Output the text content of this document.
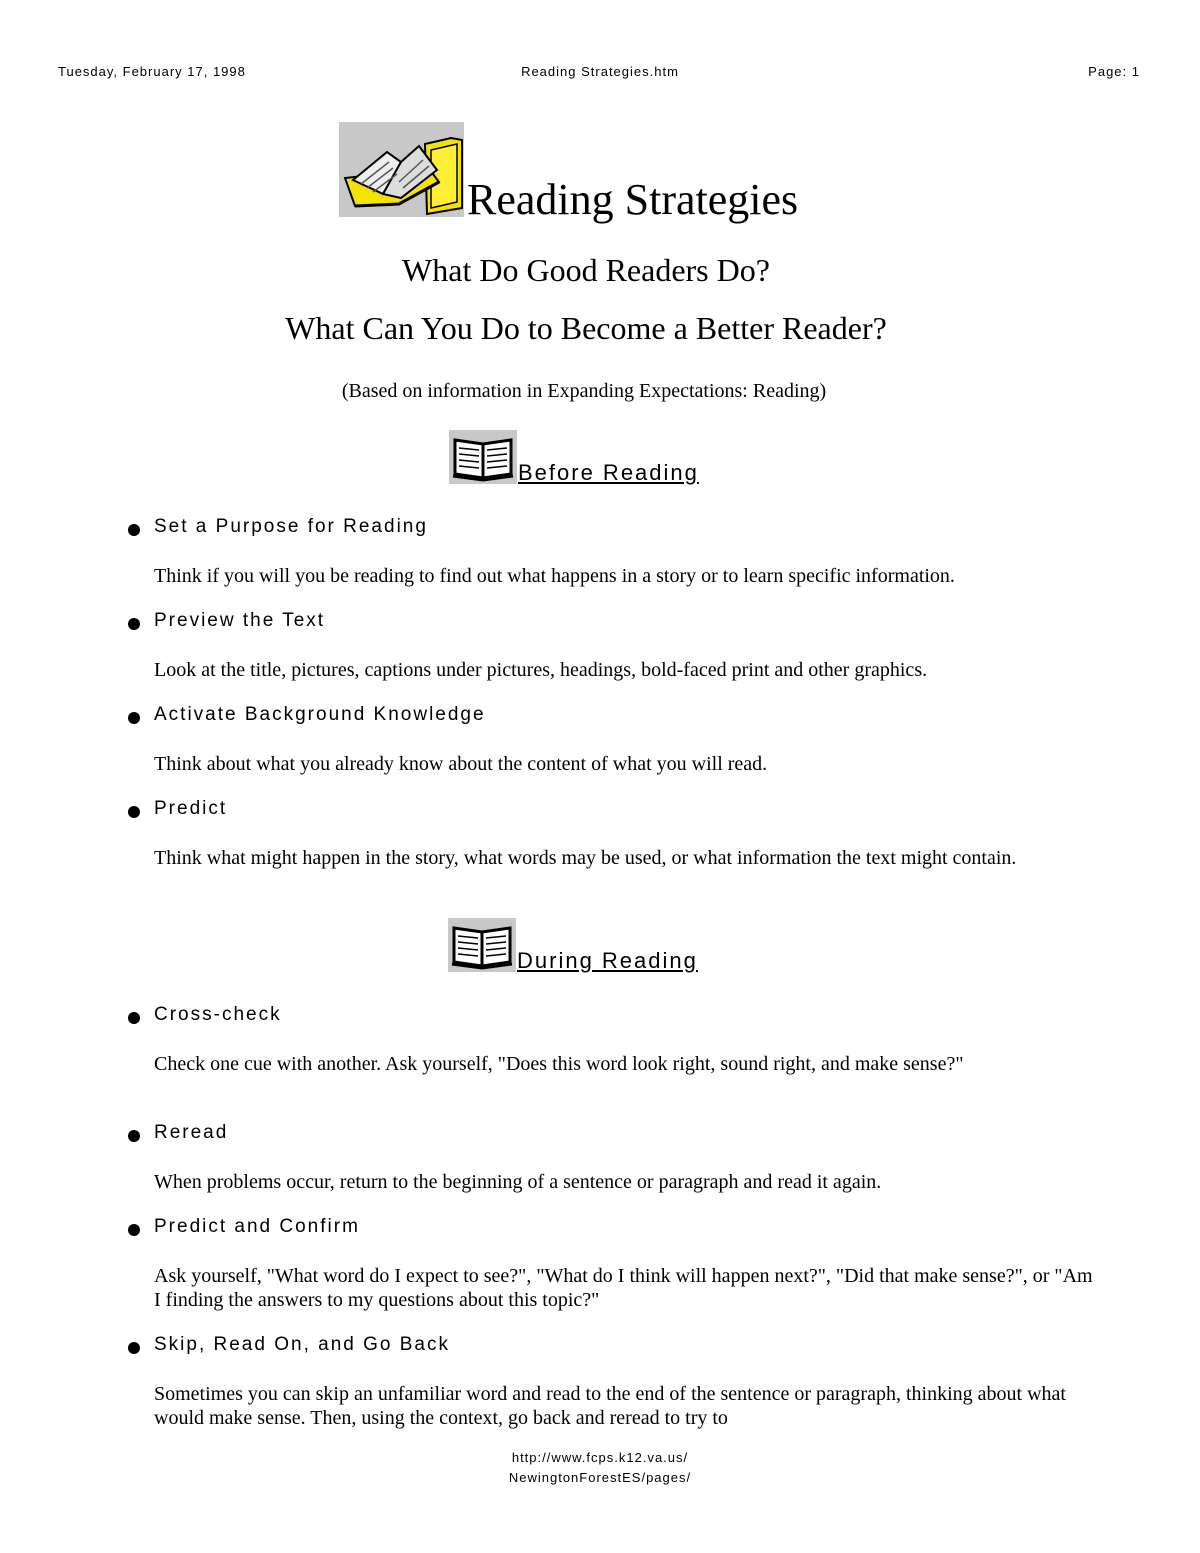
Tuesday, February 17, 1998	Reading Strategies.htm	Page: 1
Reading Strategies
What Do Good Readers Do?
What Can You Do to Become a Better Reader?
(Based on information in Expanding Expectations: Reading)
Before Reading
Set a Purpose for Reading
Think if you will you be reading to find out what happens in a story or to learn specific information.
Preview the Text
Look at the title, pictures, captions under pictures, headings, bold-faced print and other graphics.
Activate Background Knowledge
Think about what you already know about the content of what you will read.
Predict
Think what might happen in the story, what words may be used, or what information the text might contain.
During Reading
Cross-check
Check one cue with another. Ask yourself, "Does this word look right, sound right, and make sense?"
Reread
When problems occur, return to the beginning of a sentence or paragraph and read it again.
Predict and Confirm
Ask yourself, "What word do I expect to see?", "What do I think will happen next?", "Did that make sense?", or "Am I finding the answers to my questions about this topic?"
Skip, Read On, and Go Back
Sometimes you can skip an unfamiliar word and read to the end of the sentence or paragraph, thinking about what would make sense. Then, using the context, go back and reread to try to
http://www.fcps.k12.va.us/
NewingtonForestES/pages/
